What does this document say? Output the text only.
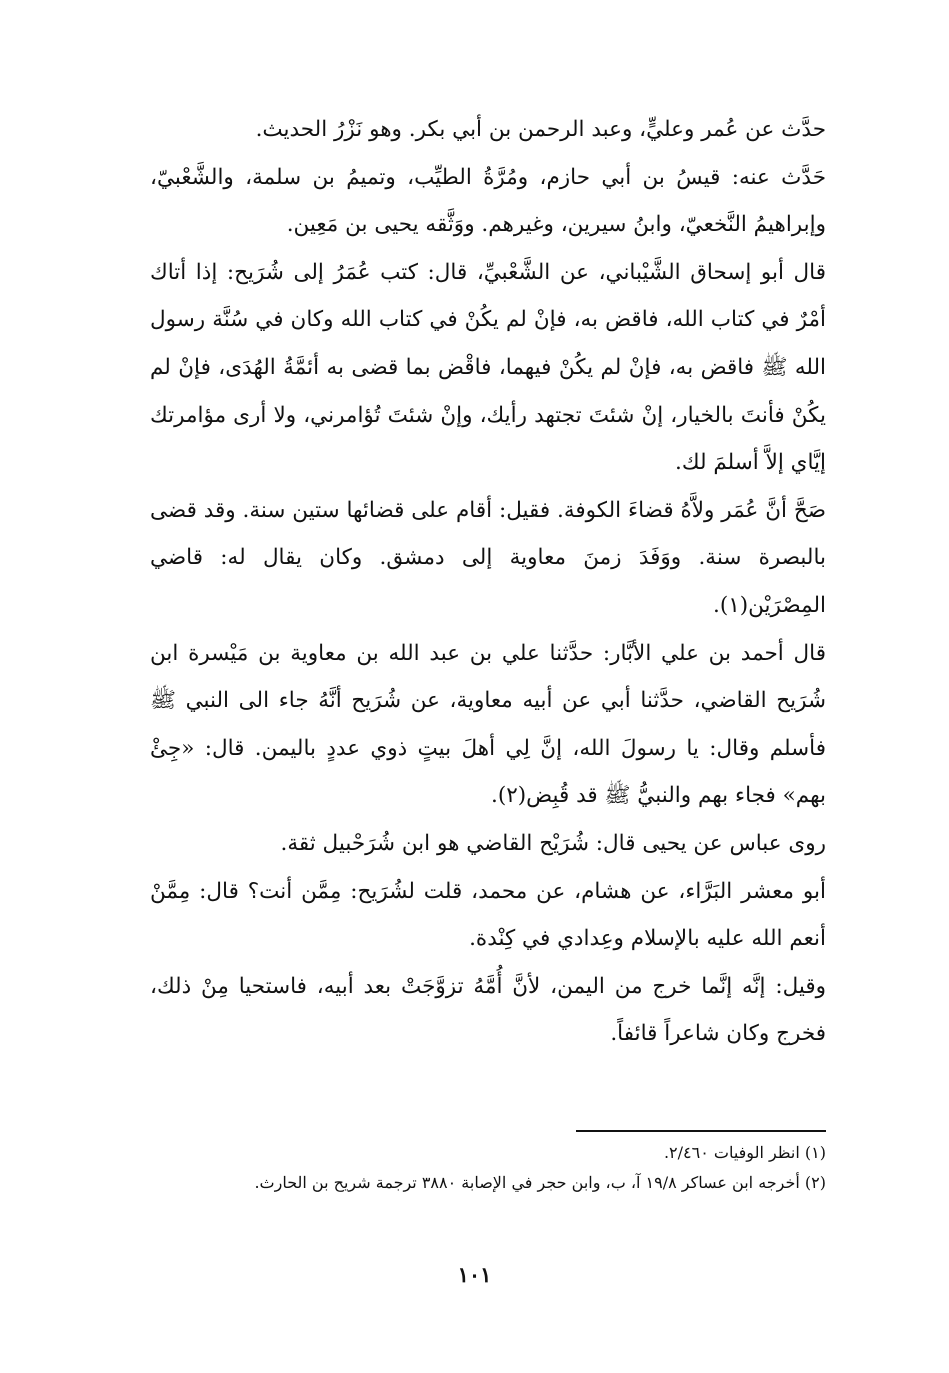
حدَّث عن عُمر وعليٍّ، وعبد الرحمن بن أبي بكر. وهو نَزْرُ الحديث.

حَدَّث عنه: قيسُ بن أبي حازم، ومُرَّةُ الطيِّب، وتميمُ بن سلمة، والشَّعْبيّ، وإبراهيمُ النَّخعيّ، وابنُ سيرين، وغيرهم. ووَثَّقه يحيى بن مَعِين.

قال أبو إسحاق الشَّيْباني، عن الشَّعْبيِّ، قال: كتب عُمَرُ إلى شُرَيح: إذا أتاك أمْرٌ في كتاب الله، فاقض به، فإنْ لم يكُنْ في كتاب الله وكان في سُنَّة رسول الله ﷺ فاقض به، فإنْ لم يكُنْ فيهما، فاقْض بما قضى به أئمَّةُ الهُدَى، فإنْ لم يكُنْ فأنتَ بالخيار، إنْ شئتَ تجتهد رأيك، وإنْ شئتَ تُؤامرني، ولا أرى مؤامرتك إيَّاي إلاَّ أسلمَ لك.

صَحَّ أنَّ عُمَر ولاَّهُ قضاءَ الكوفة. فقيل: أقام على قضائها ستين سنة. وقد قضى بالبصرة سنة. ووَفَدَ زمنَ معاوية إلى دمشق. وكان يقال له: قاضي المِصْرَيْن(١).

قال أحمد بن علي الأبَّار: حدَّثنا علي بن عبد الله بن معاوية بن مَيْسرة ابن شُرَيح القاضي، حدَّثنا أبي عن أبيه معاوية، عن شُرَيح أنَّهُ جاء الى النبي ﷺ فأسلم وقال: يا رسولَ الله، إنَّ لِي أهلَ بيتٍ ذوي عددٍ باليمن. قال: «جِئْ بهم» فجاء بهم والنبيُّ ﷺ قد قُبِض(٢).

روى عباس عن يحيى قال: شُرَيْح القاضي هو ابن شُرَحْبيل ثقة.

أبو معشر البَرَّاء، عن هشام، عن محمد، قلت لشُرَيح: مِمَّن أنت؟ قال: مِمَّنْ أنعم الله عليه بالإسلام وعِدادي في كِنْدة.

وقيل: إنَّه إنَّما خرج من اليمن، لأنَّ أُمَّهُ تزوَّجَتْ بعد أبيه، فاستحيا مِنْ ذلك، فخرج وكان شاعراً قائفاً.

(١) انظر الوفيات ٢/٤٦٠.

(٢) أخرجه ابن عساكر ١٩/٨ آ، ب، وابن حجر في الإصابة ٣٨٨٠ ترجمة شريح بن الحارث.

١٠١
